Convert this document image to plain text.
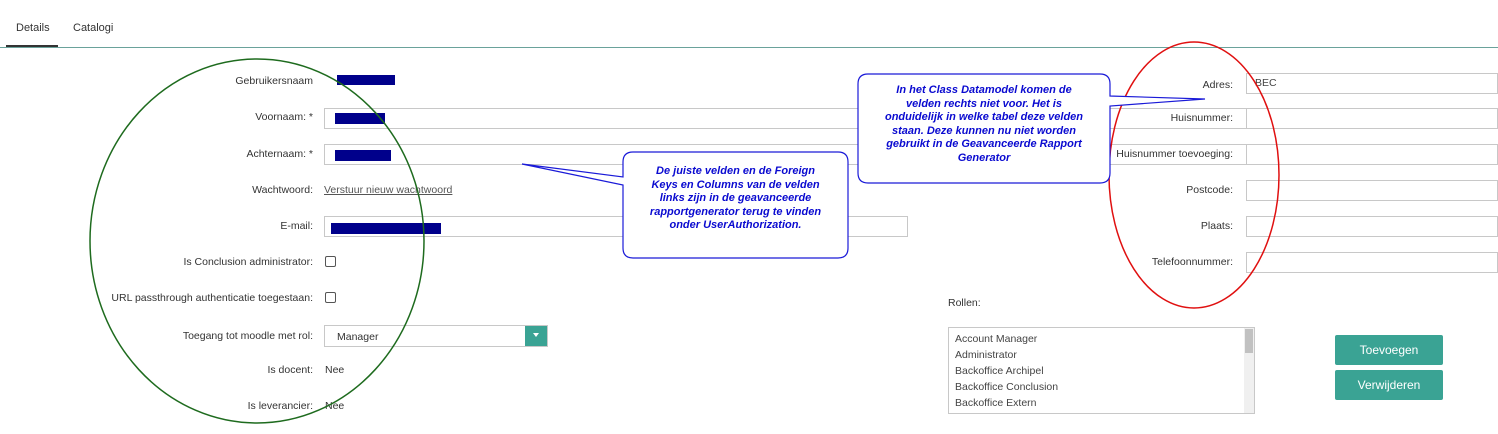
Details Catalogi
Gebruikersnaam
Voornaam: *
Achternaam: *
Wachtwoord: Verstuur nieuw wachtwoord
E-mail:
Is Conclusion administrator:
URL passthrough authenticatie toegestaan:
Toegang tot moodle met rol: Manager
Is docent: Nee
Is leverancier: Nee
Adres:	BEC
Huisnummer:
Huisnummer toevoeging:
Postcode:
Plaats:
Telefoonnummer:
Rollen:
Account Manager
Administrator
Backoffice Archipel
Backoffice Conclusion
Backoffice Extern
Toevoegen
Verwijderen
De juiste velden en de Foreign
Keys en Columns van de velden
links zijn in de geavanceerde
rapportgenerator terug te vinden
onder UserAuthorization.
In het Class Datamodel komen de
velden rechts niet voor. Het is
onduidelijk in welke tabel deze velden
staan. Deze kunnen nu niet worden
gebruikt in de Geavanceerde Rapport
Generator
